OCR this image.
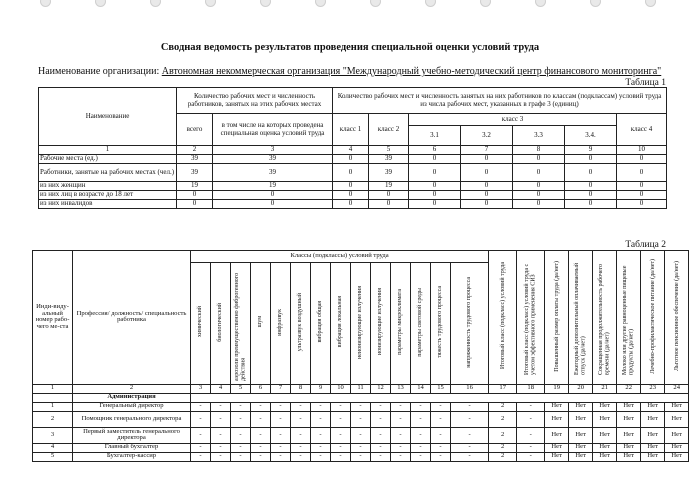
Сводная ведомость результатов проведения специальной оценки условий труда
Наименование организации: Автономная некоммерческая организация "Международный учебно-методический центр финансового мониторинга"
Таблица 1
Наименование	Количество рабочих мест и численность работников, занятых на этих рабочих местах		Количество рабочих мест и численность занятых на них работников по классам (подклассам) условий труда из числа рабочих мест, указанных в графе 3 (единиц)						
	всего	в том числе на которых проведена специальная оценка условий труда	класс 1	класс 2	класс 3				класс 4
					3.1	3.2	3.3	3.4.	
1	2	3	4	5	6	7	8	9	10
Рабочие места (ед.)	39	39	0	39	0	0	0	0	0
Работники, занятые на рабочих местах (чел.)	39	39	0	39	0	0	0	0	0
из них женщин	19	19	0	19	0	0	0	0	0
из них лиц в возрасте до 18 лет	0	0	0	0	0	0	0	0	0
из них инвалидов	0	0	0	0	0	0	0	0	0
Таблица 2
Инди-виду-альный номер рабо-чего ме-ста	Профессия/ должность/ специальность работника	Классы (подклассы) условий труда														Итоговый класс (подкласс) условий труда	Итоговый класс (подкласс) условий труда с учетом эффективного применения СИЗ	Повышенный размер оплаты труда (да/нет)	Ежегодный дополнительный оплачиваемый отпуск (да/нет)	Сокращенная продолжительность рабочего времени (да/нет)	Молоко или другие равноценные пищевые продукты (да/нет)	Лечебно-профилактическое питание (да/нет)	Льготное пенсионное обеспечение (да/нет)
		химический	биологический	аэрозоли преимущественно фиброгенного действия	шум	инфразвук	ультразвук воздушный	вибрация общая	вибрация локальная	неионизирующие излучения	ионизирующие излучения	параметры микроклимата	параметры световой среды	тяжесть трудового процесса	напряженность трудового процесса								
1	2	3	4	5	6	7	8	9	10	11	12	13	14	15	16	17	18	19	20	21	22	23	24
	Администрация																						
1	Генеральный директор	-	-	-	-	-	-	-	-	-	-	-	-	-	-	2	-	Нет	Нет	Нет	Нет	Нет	Нет
2	Помощник генерального директора	-	-	-	-	-	-	-	-	-	-	-	-	-	-	2	-	Нет	Нет	Нет	Нет	Нет	Нет
3	Первый заместитель генерального директора	-	-	-	-	-	-	-	-	-	-	-	-	-	-	2	-	Нет	Нет	Нет	Нет	Нет	Нет
4	Главный бухгалтер	-	-	-	-	-	-	-	-	-	-	-	-	-	-	2	-	Нет	Нет	Нет	Нет	Нет	Нет
5	Бухгалтер-кассир	-	-	-	-	-	-	-	-	-	-	-	-	-	-	2	-	Нет	Нет	Нет	Нет	Нет	Нет
